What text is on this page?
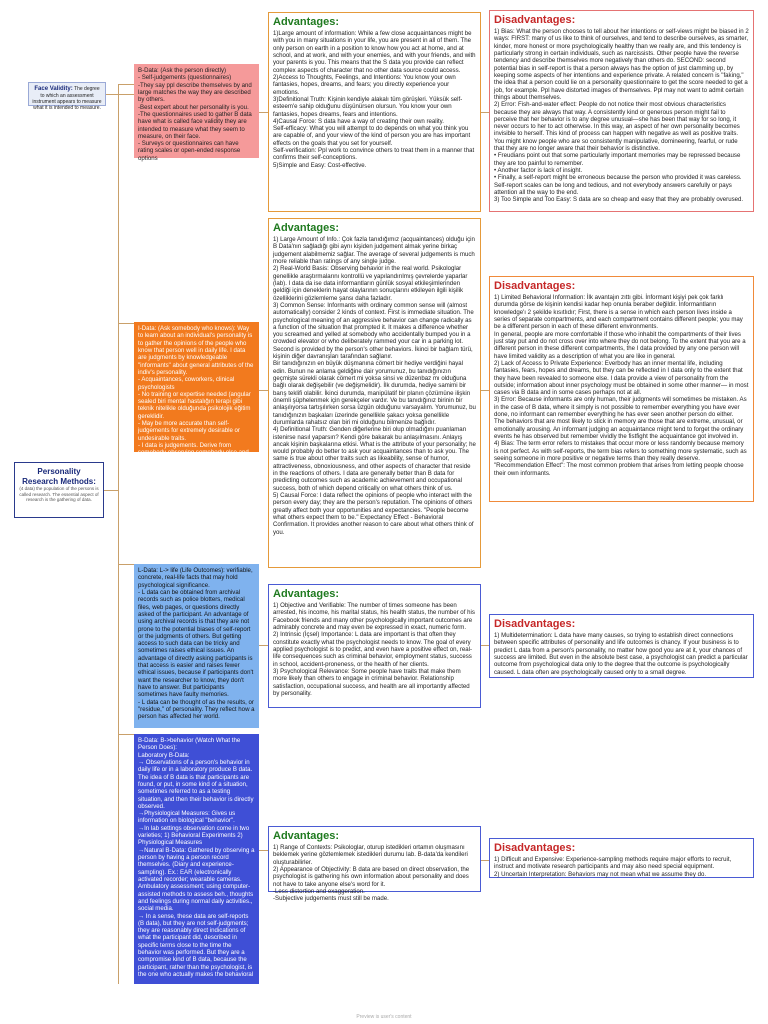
Personality Research Methods:
(4 data) the population of the persons is called research. The essential aspect of research is the gathering of data.
Face Validity: The degree to which an assessment instrument appears to measure what it is intended to measure.

B-Data: (Ask the person directly)
- Self-judgements (questionnaires)
-They say ppl describe themselves by and large matches the way they are described by others.
-Best expert about her personality is you.
-The questionnaires used to gather B data have what is called face validity they are intended to measure what they seem to measure, on their face.
- Surveys or questionnaires can have rating scales or open-ended response options

Advantages:

1)Large amount of information: While a few close acquaintances might be with you in many situations in your life, you are present in all of them. The only person on earth in a position to know how you act at home, and at school, and at work, and with your enemies, and with your friends, and with your parents is you. This means that the S data you provide can reflect complex aspects of character that no other data source could access.
2)Access to Thoughts, Feelings, and Intentions: You know your own fantasies, hopes, dreams, and fears; you directly experience your emotions.
3)Definitional Truth: Kişinin kendiyle alakalı tüm görüşleri. Yüksük self-esteem'e sahip olduğunu düşünürsen olursun. You know your own fantasies, hopes dreams, fears and intentions.
4)Causal Force: S data have a way of creating their own reality.
Self-efficacy: What you will attempt to do depends on what you think you are capable of, and your view of the kind of person you are has important effects on the goals that you set for yourself.
Self-verification: Ppl work to convince others to treat them in a manner that confirms their self-conceptions.
5)Simple and Easy: Cost-effective.

Disadvantages:

1) Bias: What the person chooses to tell about her intentions or self-views might be biased in 2 ways: FIRST: many of us like to think of ourselves, and tend to describe ourselves, as smarter, kinder, more honest or more psychologically healthy than we really are, and this tendency is particularly strong in certain individuals, such as narcissists. Other people have the reverse tendency and describe themselves more negatively than others do. SECOND: second potential bias in self-report is that a person always has the option of just clamming up, by keeping some aspects of her intentions and experience private. A related concern is "faking," the idea that a person could lie on a personality questionnaire to get the score needed to get a job, for example. Ppl have distorted images of themselves. Ppl may not want to admit certain things about themselves.
2) Error: Fish-and-water effect: People do not notice their most obvious characteristics because they are always that way. A consistently kind or generous person might fail to perceive that her behavior is to any degree unusual—she has been that way for so long, it never occurs to her to act otherwise. In this way, an aspect of her own personality becomes invisible to herself. This kind of process can happen with negative as well as positive traits. You might know people who are so consistently manipulative, domineering, fearful, or rude that they are no longer aware that their behavior is distinctive.
• Freudians point out that some particularly important memories may be repressed because they are too painful to remember.
• Another factor is lack of insight.
• Finally, a self-report might be erroneous because the person who provided it was careless. Self-report scales can be long and tedious, and not everybody answers carefully or pays attention all the way to the end.
3) Too Simple and Too Easy: S data are so cheap and easy that they are probably overused.

I-Data: (Ask somebody who knows): Way to learn about an individual's personality is to gather the opinions of the people who know that person well in daily life. I data are judgments by knowledgeable "informants" about general attributes of the indiv's personality.
- Acquaintances, coworkers, clinical psychologists
- No training or expertise needed (angular sealed biri mental hastalığın terapi gibi teknik nitelikle olduğunda psikolojik eğitim gereklidir.
- May be more accurate than self-judgements for extremely desirable or undesirable traits.
- I data is judgements. Derive from somebody observing somebody else and then rendering a general opinion.

Advantages:

1) Large Amount of Info.: Çok fazla tanıdığımız (acquaintances) olduğu için B Data'nın sağladığı gibi aynı kişiden judgement almak yerine birkaç judgement alabilmemiz sağlar. The average of several judgements is much more reliable than ratings of any single judge.
2) Real-World Basis: Observing behavior in the real world. Psikologlar genellikle araştırmalarını kontrollü ve yapılandırılmış çevrelerde yaparlar (lab). I data da ise data informantların günlük sosyal etkileşimlerinden geldiği için deneklerin hayat olaylarının sonuçlarını etkileyen ilgili kişilik özelliklerini gözlemleme şansı daha fazladır.
3) Common Sense: Informants with ordinary common sense will (almost automatically) consider 2 kinds of context. First is immediate situation. The psychological meaning of an aggressive behavior can change radically as a function of the situation that prompted it. It makes a difference whether you screamed and yelled at somebody who accidentally bumped you in a crowded elevator or who deliberately rammed your car in a parking lot. Second is provided by the person's other behaviors. İkinci bir bağlam türü, kişinin diğer davranışları tarafından sağlanır.
Bir tanıdığınızın en büyük düşmanına cömert bir hediye verdiğini hayal edin. Bunun ne anlama geldiğine dair yorumunuz, bu tanıdığınızın geçmişte sürekli olarak cömert mi yoksa sinsi ve düzenbaz mı olduğuna bağlı olarak değişebilir (ve değişmelidir). İlk durumda, hediye samimi bir barış teklifi olabilir. İkinci durumda, manipülatif bir planın çözümüne ilişkin önemli şüphelenmek için gerekçeler vardır. Ve bu tanıdığınız birinin bir anlaşılıyorsa tartışılırken sorsa üzgün olduğunu varsayalım. Yorumunuz, bu tanıdığınızın başkaları üzerinde genellikle şakacı yoksa genellikle durumlarda rahatsız olan biri mi olduğunu bilmenize bağlıdır.
4) Definitional Truth: Genden diğerlerine biri olup olmadığını puanlaman istenirse nasıl yaparsın? Kendi göre bakarak bu anlaşılmasını. Anlayış ancak kişinin başkalarına etkisi. What is the attribute of your personality; he would probably do better to ask your acquaintances than to ask you. The same is true about other traits such as likeability, sense of humor, attractiveness, obnoxiousness, and other aspects of character that reside in the reactions of others. I data are generally better than B data for predicting outcomes such as academic achievement and occupational success, both of which depend critically on what others think of us.
5) Causal Force: I data reflect the opinions of people who interact with the person every day; they are the person's reputation. The opinions of others greatly affect both your opportunities and expectancies. "People become what others expect them to be." Expectancy Effect - Behavioral Confirmation. It provides another reason to care about what others think of you.

Disadvantages:

1) Limited Behavioral Information: İlk avantajın zıttı gibi. İnformant kişiyi pek çok farklı durumda görse de kişinin kendisi kadar hep onunla beraber değildir. İnformantların knowledge'ı 2 şekilde kısıtlıdır; First, there is a sense in which each person lives inside a series of separate compartments, and each compartment contains different people; you may be a different person in each of these different environments.
In general, people are more comfortable if those who inhabit the compartments of their lives just stay put and do not cross over into where they do not belong. To the extent that you are a different person in these different compartments, the I data provided by any one person will have limited validity as a description of what you are like in general.
2) Lack of Access to Private Experience: Everbody has an inner mental life, including fantasies, fears, hopes and dreams, but they can be reflected in I data only to the extent that they have been revealed to someone else. I data provide a view of personality from the outside; information about inner psychology must be obtained in some other manner— in most cases via B data and in some cases perhaps not at all.
3) Error: Because informants are only human, their judgments will sometimes be mistaken. As in the case of B data, where it simply is not possible to remember everything you have ever done, no informant can remember everything he has ever seen another person do either.
The behaviors that are most likely to stick in memory are those that are extreme, unusual, or emotionally arousing. An informant judging an acquaintance might tend to forget the ordinary events he has observed but remember vividly the fistfight the acquaintance got involved in.
4) Bias: The term error refers to mistakes that occur more or less randomly because memory is not perfect. As with self-reports, the term bias refers to something more systematic, such as seeing someone in more positive or negative terms than they really deserve. "Recommendation Effect": The most common problem that arises from letting people choose their own informants.

L-Data: L-> life (Life Outcomes): verifiable, concrete, real-life facts that may hold psychological significance.
- L data can be obtained from archival records such as police blotters, medical files, web pages, or questions directly asked of the participant. An advantage of using archival records is that they are not prone to the potential biases of self-report or the judgments of others. But getting access to such data can be tricky and sometimes raises ethical issues. An advantage of directly asking participants is that access is easier and raises fewer ethical issues, because if participants don't want the researcher to know, they don't have to answer. But participants sometimes have faulty memories.
- L data can be thought of as the results, or "residue," of personality. They reflect how a person has affected her world.

Advantages:

1) Objective and Verifiable: The number of times someone has been arrested, his income, his marital status, his health status, the number of his Facebook friends and many other psychologically important outcomes are admirably concrete and may even be expressed in exact, numeric form.
2) Intrinsic (İçsel) Importance: L data are important is that often they constitute exactly what the psychologist needs to know. The goal of every applied psychologist is to predict, and even have a positive effect on, real-life consequences such as criminal behavior, employment status, success in school, accident-proneness, or the health of her clients.
3) Psychological Relevance: Some people have traits that make them more likely than others to engage in criminal behavior. Relationship satisfaction, occupational success, and health are all importantly affected by personality.

Disadvantages:

1) Multidetermination: L data have many causes, so trying to establish direct connections between specific attributes of personality and life outcomes is chancy. If your business is to predict L data from a person's personality, no matter how good you are at it, your chances of success are limited. But even in the absolute best case, a psychologist can predict a particular outcome from psychological data only to the degree that the outcome is psychologically caused. L data often are psychologically caused only to a small degree.

B-Data: B->behavior (Watch What the Person Does):
Laboratory B-Data:
→ Observations of a person's behavior in daily life or in a laboratory produce B data. The idea of B data is that participants are found, or put, in some kind of a situation, sometimes referred to as a testing situation, and then their behavior is directly observed.
→Physiological Measures: Gives us information on biological "behavior".
→In lab settings observation come in two varieties; 1) Behavioral Experiments 2) Physiological Measures
→Natural B-Data: Gathered by observing a person by having a person record themselves. (Diary and experience-sampling). Ex.: EAR (electronically activated recorder; wearable cameras. Ambulatory assessment; using computer-assisted methods to assess beh., thoughts and feelings during normal daily activities., social media.
→ In a sense, these data are self-reports (B data), but they are not self-judgments; they are reasonably direct indications of what the participant did, described in specific terms close to the time the behavior was performed. But they are a compromise kind of B data, because the participant, rather than the psychologist, is the one who actually makes the behavioral

Advantages:

1) Range of Contexts: Psikologlar, oturup istedikleri ortamın oluşmasını beklemek yerine gözlemlemek istedikleri durumu lab. B-data'da kendileri oluşturabilirler.
2) Appearance of Objectivity: B data are based on direct observation, the psychologist is gathering his own information about personality and does not have to take anyone else's word for it.
-Less distortion and exaggeration.
-Subjective judgements must still be made.

Disadvantages:

1) Difficult and Expensive: Experience-sampling methods require major efforts to recruit, instruct and motivate research participants and may also need special equipment.
2) Uncertain Interpretation: Behaviors may not mean what we assume they do.

Preview is user's content
